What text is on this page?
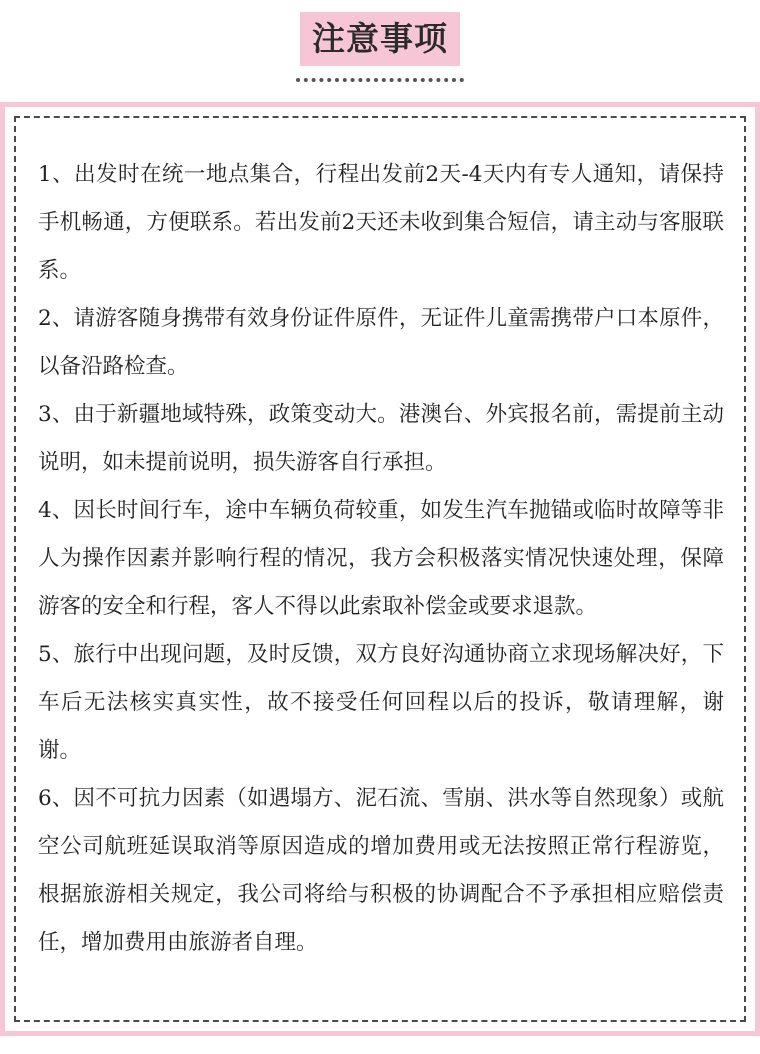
注意事项

1、出发时在统一地点集合，行程出发前2天-4天内有专人通知，请保持手机畅通，方便联系。若出发前2天还未收到集合短信，请主动与客服联系。

2、请游客随身携带有效身份证件原件，无证件儿童需携带户口本原件，以备沿路检查。

3、由于新疆地域特殊，政策变动大。港澳台、外宾报名前，需提前主动说明，如未提前说明，损失游客自行承担。

4、因长时间行车，途中车辆负荷较重，如发生汽车抛锚或临时故障等非人为操作因素并影响行程的情况，我方会积极落实情况快速处理，保障游客的安全和行程，客人不得以此索取补偿金或要求退款。

5、旅行中出现问题，及时反馈，双方良好沟通协商立求现场解决好，下车后无法核实真实性，故不接受任何回程以后的投诉，敬请理解，谢谢。

6、因不可抗力因素（如遇塌方、泥石流、雪崩、洪水等自然现象）或航空公司航班延误取消等原因造成的增加费用或无法按照正常行程游览，根据旅游相关规定，我公司将给与积极的协调配合不予承担相应赔偿责任，增加费用由旅游者自理。
